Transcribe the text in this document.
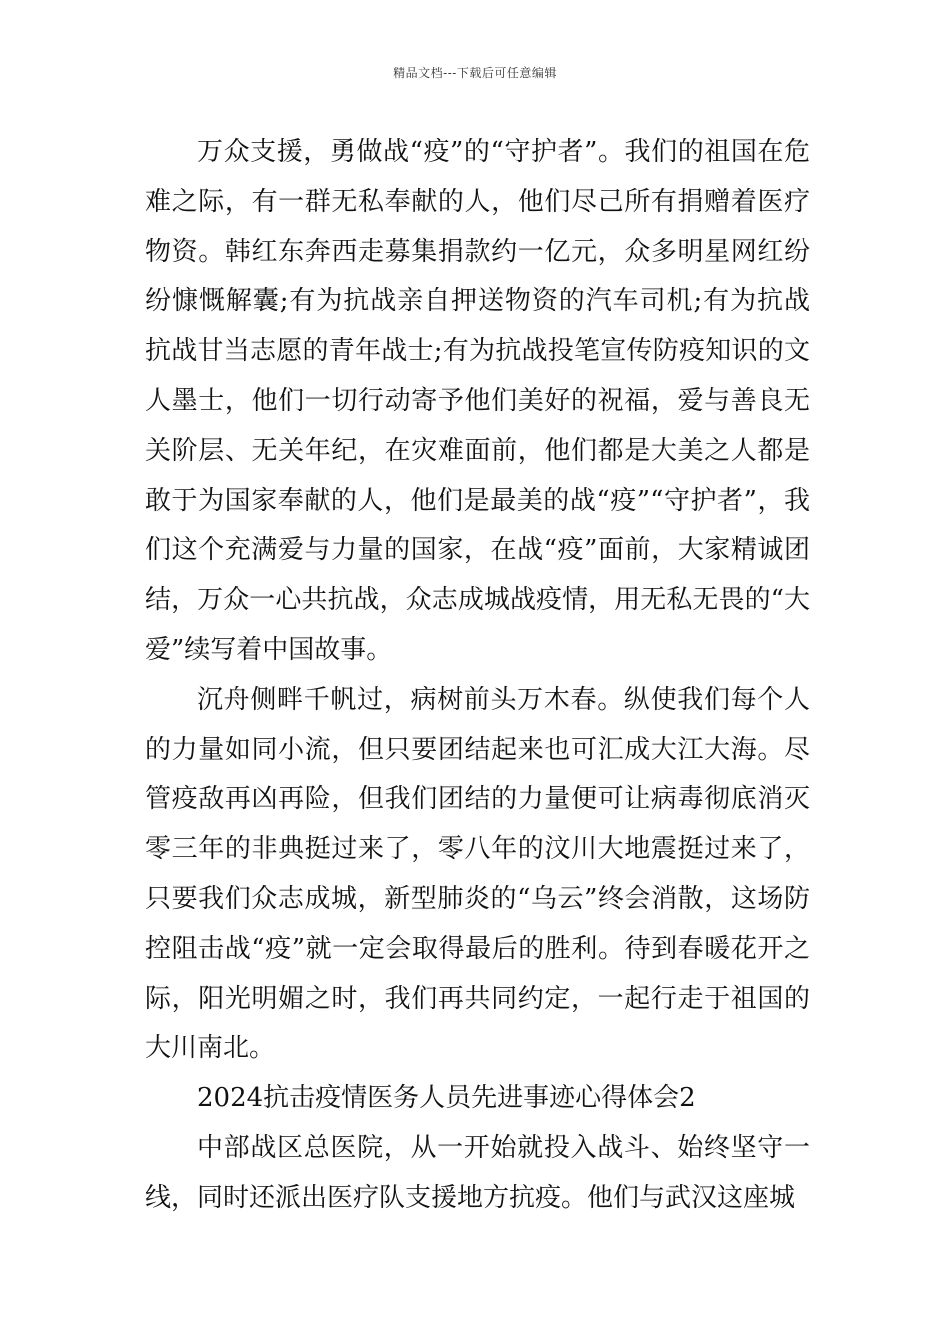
精品文档---下载后可任意编辑

万众支援，勇做战“疫”的“守护者”。我们的祖国在危难之际，有一群无私奉献的人，他们尽己所有捐赠着医疗物资。韩红东奔西走募集捐款约一亿元，众多明星网红纷纷慷慨解囊;有为抗战亲自押送物资的汽车司机;有为抗战抗战甘当志愿的青年战士;有为抗战投笔宣传防疫知识的文人墨士，他们一切行动寄予他们美好的祝福，爱与善良无关阶层、无关年纪，在灾难面前，他们都是大美之人都是敢于为国家奉献的人，他们是最美的战“疫”“守护者”，我们这个充满爱与力量的国家，在战“疫”面前，大家精诚团结，万众一心共抗战，众志成城战疫情，用无私无畏的“大爱”续写着中国故事。

沉舟侧畔千帆过，病树前头万木春。纵使我们每个人的力量如同小流，但只要团结起来也可汇成大江大海。尽管疫敌再凶再险，但我们团结的力量便可让病毒彻底消灭零三年的非典挺过来了，零八年的汶川大地震挺过来了，只要我们众志成城，新型肺炎的“乌云”终会消散，这场防控阻击战“疫”就一定会取得最后的胜利。待到春暖花开之际，阳光明媚之时，我们再共同约定，一起行走于祖国的大川南北。

2024抗击疫情医务人员先进事迹心得体会2

中部战区总医院，从一开始就投入战斗、始终坚守一线，同时还派出医疗队支援地方抗疫。他们与武汉这座城
